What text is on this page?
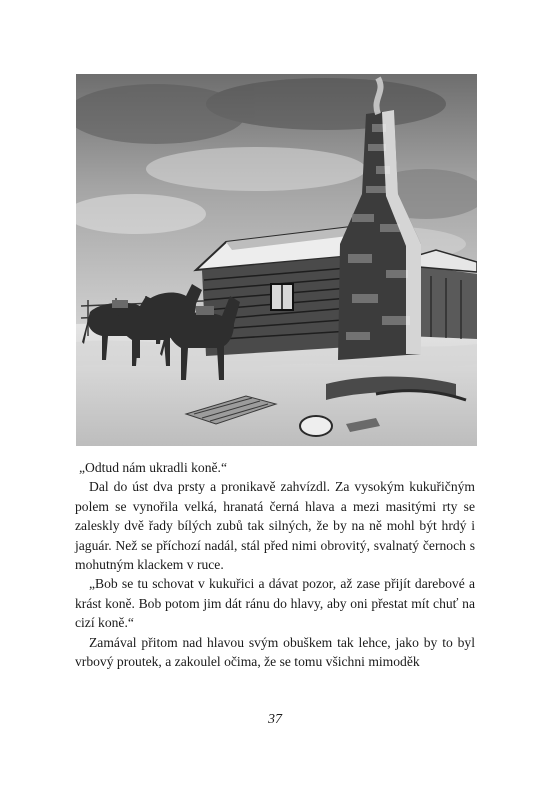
„Odtud nám ukradli koně.“

Dal do úst dva prsty a pronikavě zahvízdl. Za vysokým kukuřičným polem se vynořila velká, hranatá černá hlava a mezi masitými rty se zaleskly dvě řady bílých zubů tak silných, že by na ně mohl být hrdý i jaguár. Než se příchozí nadál, stál před nimi obrovitý, svalnatý černoch s mohutným klackem v ruce.

„Bob se tu schovat v kukuřici a dávat pozor, až zase přijít darebové a krást koně. Bob potom jim dát ránu do hlavy, aby oni přestat mít chuť na cizí koně.“

Zamával přitom nad hlavou svým obuškem tak lehce, jako by to byl vrbový proutek, a zakoulel očima, že se tomu všichni mimoděk

37
